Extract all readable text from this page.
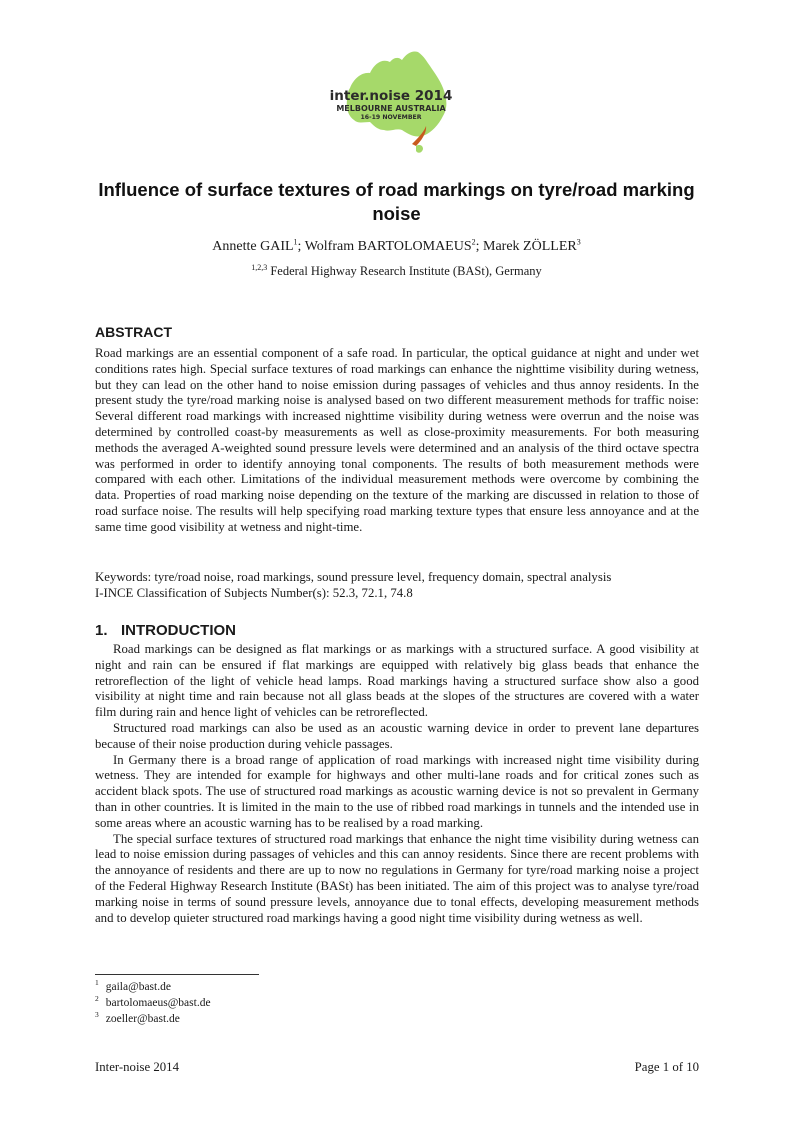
inter.noise 2014
MELBOURNE AUSTRALIA
16-19 NOVEMBER
Influence of surface textures of road markings on tyre/road marking noise
Annette GAIL$^1$; Wolfram BARTOLOMAEUS$^2$; Marek ZÖLLER$^3$
$^{1,2,3}$ Federal Highway Research Institute (BASt), Germany
ABSTRACT
Road markings are an essential component of a safe road. In particular, the optical guidance at night and under wet conditions rates high. Special surface textures of road markings can enhance the nighttime visibility during wetness, but they can lead on the other hand to noise emission during passages of vehicles and thus annoy residents. In the present study the tyre/road marking noise is analysed based on two different measurement methods for traffic noise: Several different road markings with increased nighttime visibility during wetness were overrun and the noise was determined by controlled coast-by measurements as well as close-proximity measurements. For both measuring methods the averaged A-weighted sound pressure levels were determined and an analysis of the third octave spectra was performed in order to identify annoying tonal components. The results of both measurement methods were compared with each other. Limitations of the individual measurement methods were overcome by combining the data. Properties of road marking noise depending on the texture of the marking are discussed in relation to those of road surface noise. The results will help specifying road marking texture types that ensure less annoyance and at the same time good visibility at wetness and night-time.
Keywords: tyre/road noise, road markings, sound pressure level, frequency domain, spectral analysis
I-INCE Classification of Subjects Number(s): 52.3, 72.1, 74.8
1. INTRODUCTION

Road markings can be designed as flat markings or as markings with a structured surface. A good visibility at night and rain can be ensured if flat markings are equipped with relatively big glass beads that enhance the retroreflection of the light of vehicle head lamps. Road markings having a structured surface show also a good visibility at night time and rain because not all glass beads at the slopes of the structures are covered with a water film during rain and hence light of vehicles can be retroreflected.

Structured road markings can also be used as an acoustic warning device in order to prevent lane departures because of their noise production during vehicle passages.

In Germany there is a broad range of application of road markings with increased night time visibility during wetness. They are intended for example for highways and other multi-lane roads and for critical zones such as accident black spots. The use of structured road markings as acoustic warning device is not so prevalent in Germany than in other countries. It is limited in the main to the use of ribbed road markings in tunnels and the intended use in some areas where an acoustic warning has to be realised by a road marking.

The special surface textures of structured road markings that enhance the night time visibility during wetness can lead to noise emission during passages of vehicles and this can annoy residents. Since there are recent problems with the annoyance of residents and there are up to now no regulations in Germany for tyre/road marking noise a project of the Federal Highway Research Institute (BASt) has been initiated. The aim of this project was to analyse tyre/road marking noise in terms of sound pressure levels, annoyance due to tonal effects, developing measurement methods and to develop quieter structured road markings having a good night time visibility during wetness as well.

$^1$ gaila@bast.de
$^2$ bartolomaeus@bast.de
$^3$ zoeller@bast.de
Inter-noise 2014	Page 1 of 10
